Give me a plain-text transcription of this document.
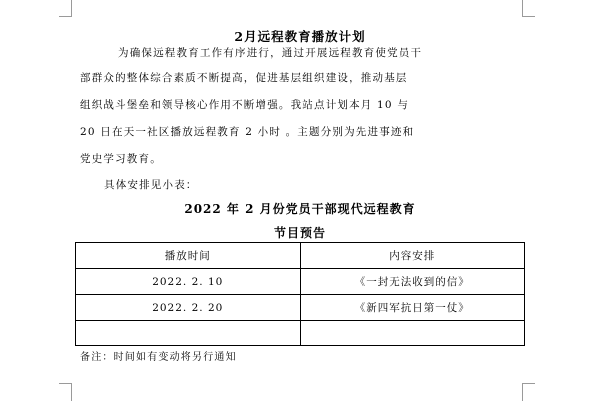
2月远程教育播放计划
为确保远程教育工作有序进行，通过开展远程教育使党员干
部群众的整体综合素质不断提高，促进基层组织建设，推动基层
组织战斗堡垒和领导核心作用不断增强。我站点计划本月 10 与
20 日在天一社区播放远程教育 2 小时 。主题分别为先进事迹和
党史学习教育。
具体安排见小表：
2022 年 2 月份党员干部现代远程教育
节目预告
播放时间	内容安排
2022. 2. 10	《一封无法收到的信》
2022. 2. 20	《新四军抗日第一仗》

备注：时间如有变动将另行通知
